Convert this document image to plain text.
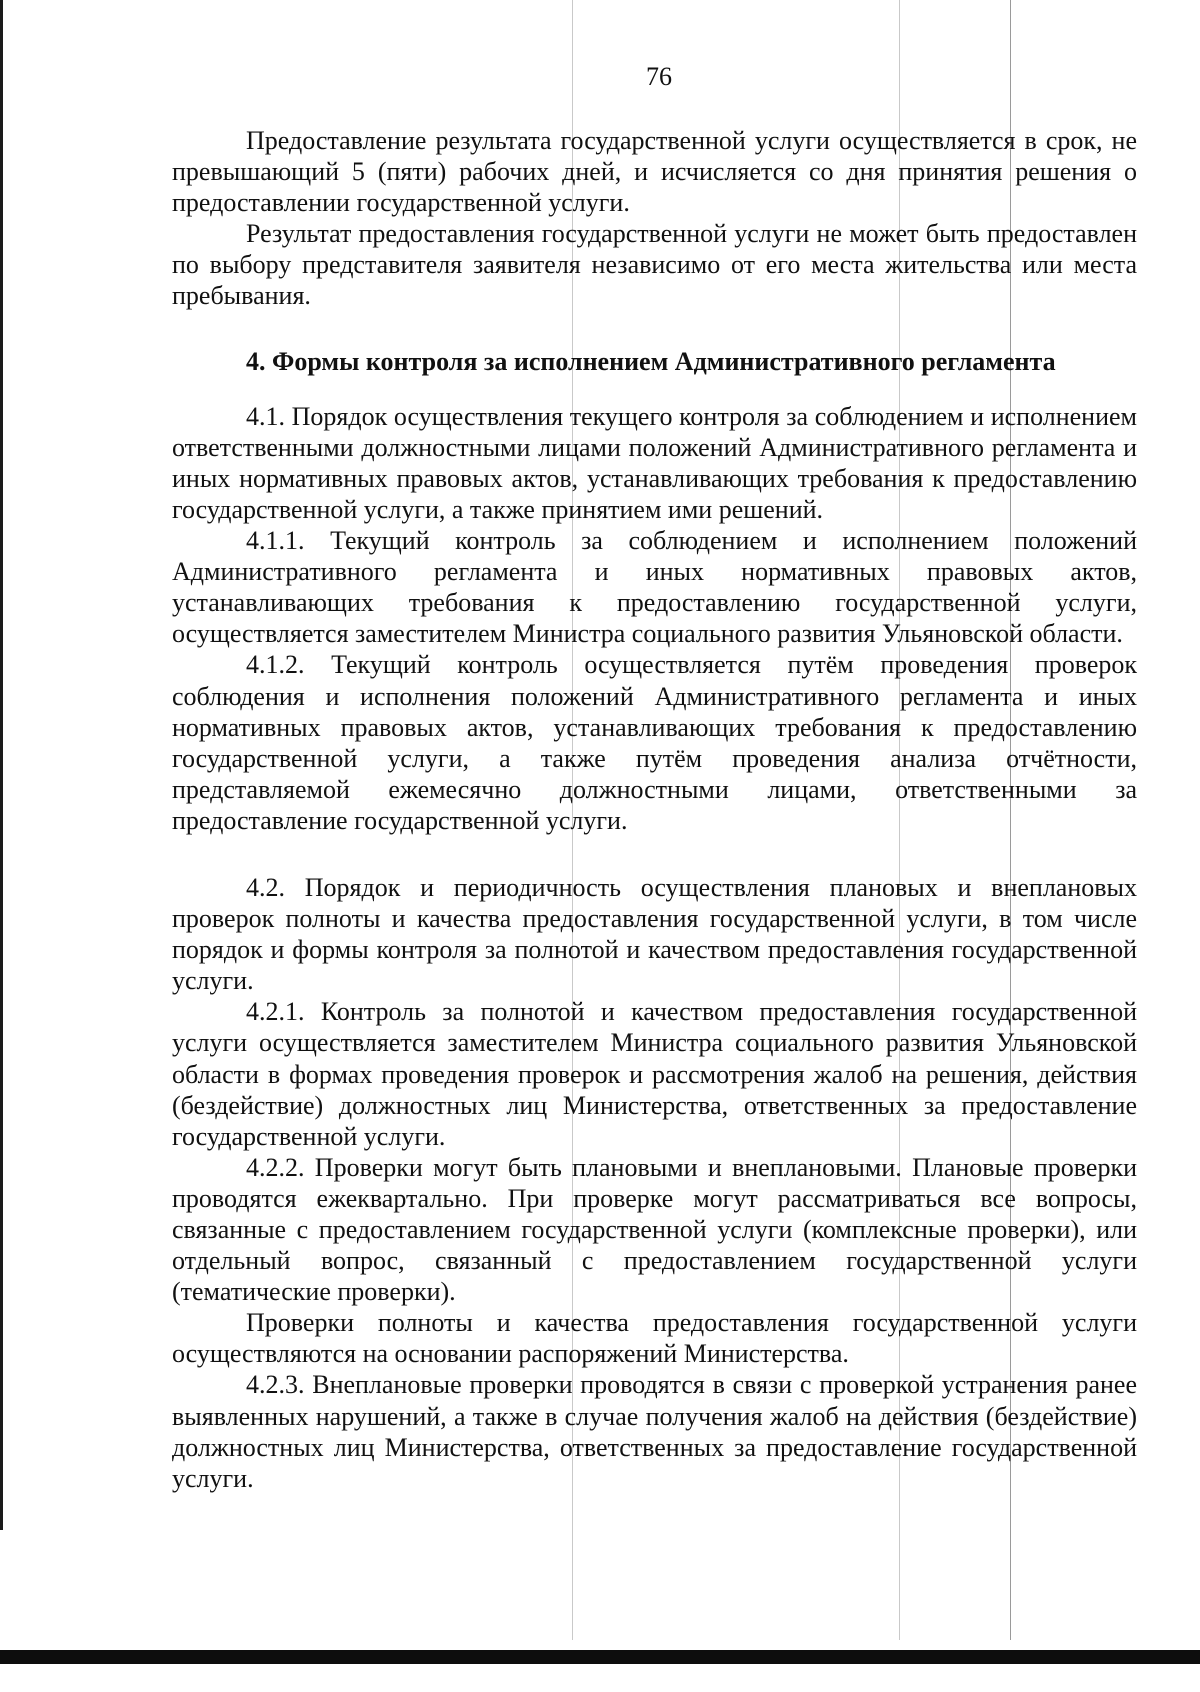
76

Предоставление результата государственной услуги осуществляется в срок, не превышающий 5 (пяти) рабочих дней, и исчисляется со дня принятия решения о предоставлении государственной услуги.

Результат предоставления государственной услуги не может быть предоставлен по выбору представителя заявителя независимо от его места жительства или места пребывания.

4. Формы контроля за исполнением Административного регламента

4.1. Порядок осуществления текущего контроля за соблюдением и исполнением ответственными должностными лицами положений Административного регламента и иных нормативных правовых актов, устанавливающих требования к предоставлению государственной услуги, а также принятием ими решений.

4.1.1. Текущий контроль за соблюдением и исполнением положений Административного регламента и иных нормативных правовых актов, устанавливающих требования к предоставлению государственной услуги, осуществляется заместителем Министра социального развития Ульяновской области.

4.1.2. Текущий контроль осуществляется путём проведения проверок соблюдения и исполнения положений Административного регламента и иных нормативных правовых актов, устанавливающих требования к предоставлению государственной услуги, а также путём проведения анализа отчётности, представляемой ежемесячно должностными лицами, ответственными за предоставление государственной услуги.

4.2. Порядок и периодичность осуществления плановых и внеплановых проверок полноты и качества предоставления государственной услуги, в том числе порядок и формы контроля за полнотой и качеством предоставления государственной услуги.

4.2.1. Контроль за полнотой и качеством предоставления государственной услуги осуществляется заместителем Министра социального развития Ульяновской области в формах проведения проверок и рассмотрения жалоб на решения, действия (бездействие) должностных лиц Министерства, ответственных за предоставление государственной услуги.

4.2.2. Проверки могут быть плановыми и внеплановыми. Плановые проверки проводятся ежеквартально. При проверке могут рассматриваться все вопросы, связанные с предоставлением государственной услуги (комплексные проверки), или отдельный вопрос, связанный с предоставлением государственной услуги (тематические проверки).

Проверки полноты и качества предоставления государственной услуги осуществляются на основании распоряжений Министерства.

4.2.3. Внеплановые проверки проводятся в связи с проверкой устранения ранее выявленных нарушений, а также в случае получения жалоб на действия (бездействие) должностных лиц Министерства, ответственных за предоставление государственной услуги.
